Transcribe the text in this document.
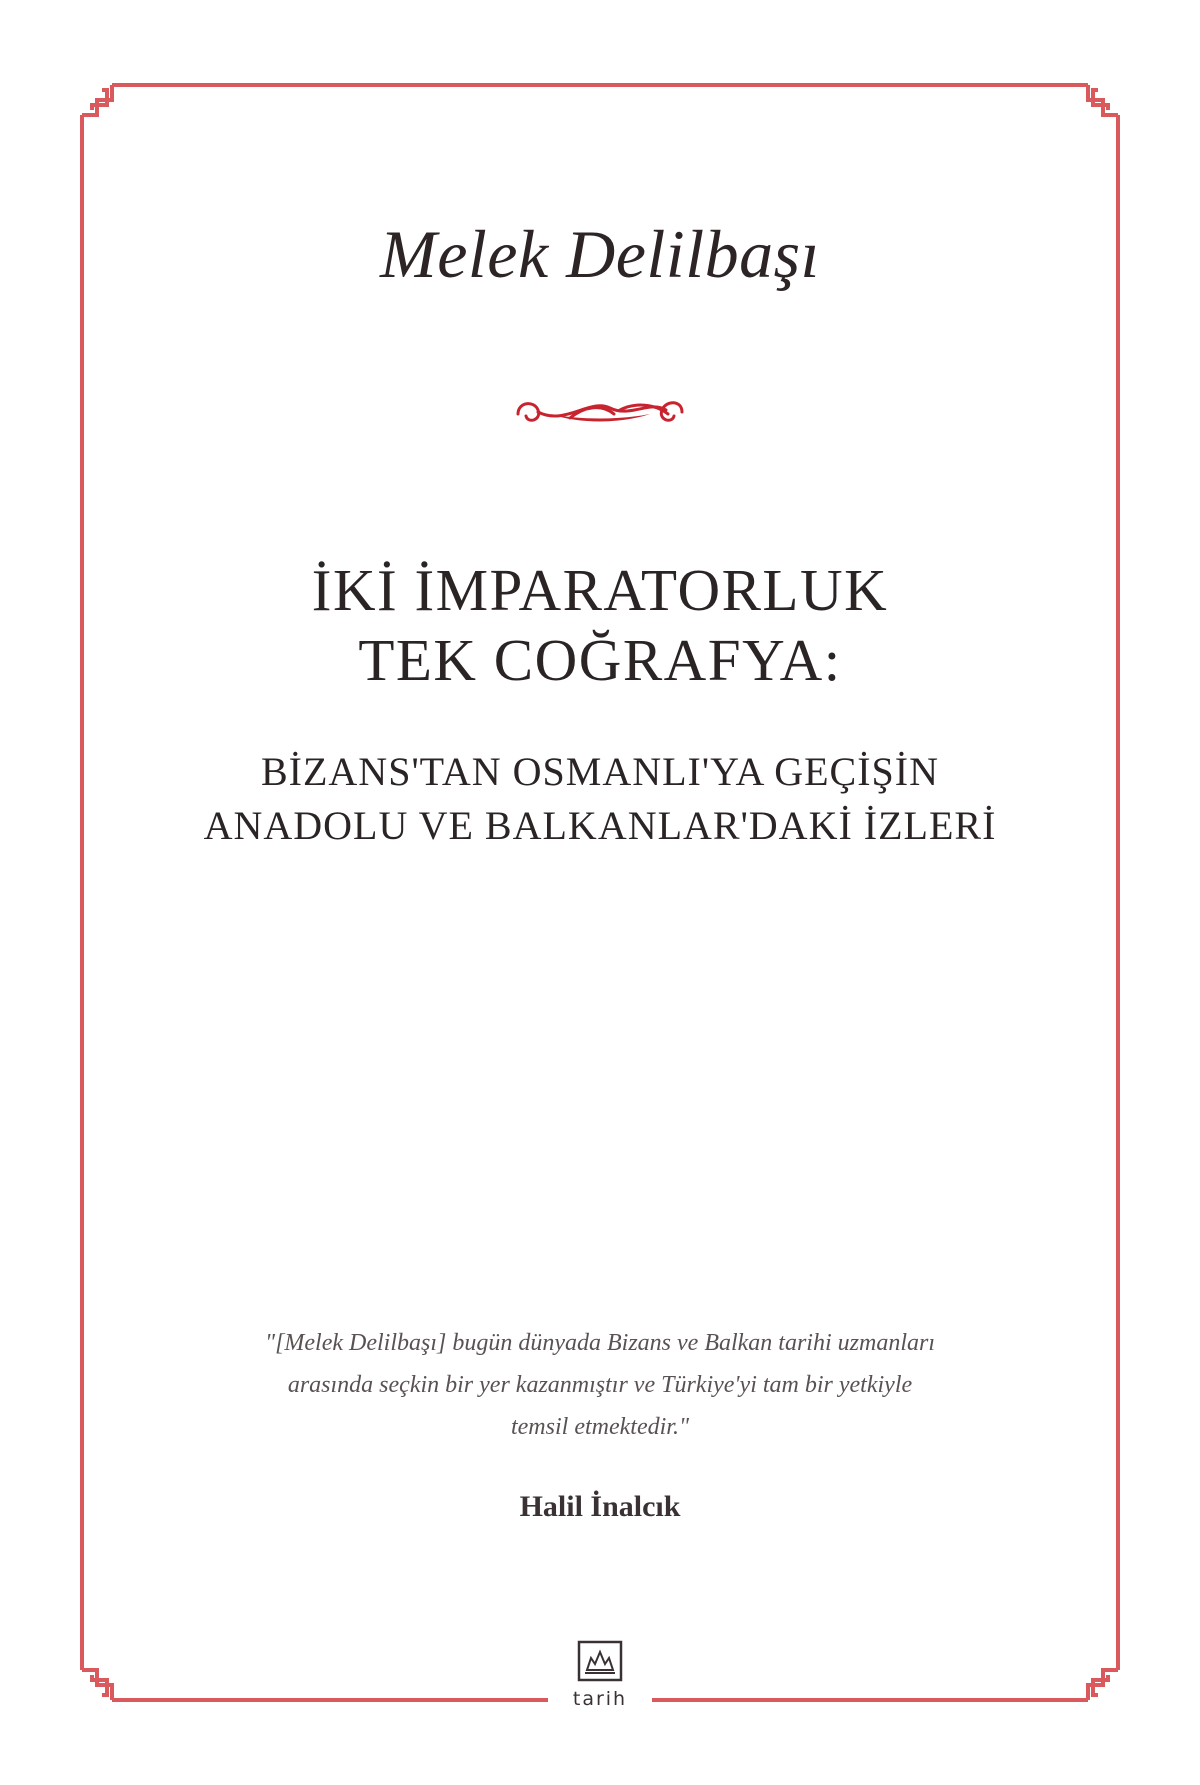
Melek Delilbaşı
İKİ İMPARATORLUK
TEK COĞRAFYA:
BİZANS'TAN OSMANLI'YA GEÇİŞİN
ANADOLU VE BALKANLAR'DAKİ İZLERİ
"[Melek Delilbaşı] bugün dünyada Bizans ve Balkan tarihi uzmanları
arasında seçkin bir yer kazanmıştır ve Türkiye'yi tam bir yetkiyle
temsil etmektedir."
Halil İnalcık
tarih
